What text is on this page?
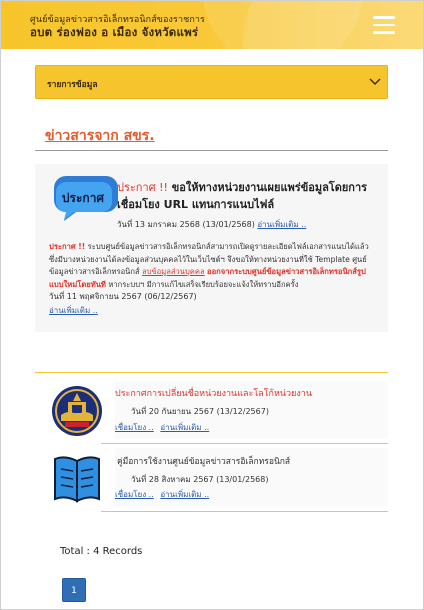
ศูนย์ข้อมูลข่าวสารอิเล็กทรอนิกส์ของราชการ
อบต ร่องฟอง อ เมือง จังหวัดแพร่
รายการข้อมูล
ข่าวสารจาก สขร.
ประกาศ
ประกาศ !! ขอให้ทางหน่วยงานเผยแพร่ข้อมูลโดยการเชื่อมโยง URL แทนการแนบไฟล์
วันที่ 13 มกราคม 2568 (13/01/2568) อ่านเพิ่มเติม ..
ประกาศ !! ระบบศูนย์ข้อมูลข่าวสารอิเล็กทรอนิกส์สามารถเปิดดูรายละเอียดไฟล์เอกสารแนบได้แล้ว ซึ่งมีบางหน่วยงานได้ลงข้อมูลส่วนบุคคลไว้ในเว็บไซต์ฯ จึงขอให้ทางหน่วยงานที่ใช้ Template ศูนย์ข้อมูลข่าวสารอิเล็กทรอนิกส์ ลบข้อมูลส่วนบุคคล ออกจากระบบศูนย์ข้อมูลข่าวสารอิเล็กทรอนิกส์รูปแบบใหม่โดยทันที หากระบบฯ มีการแก้ไขเสร็จเรียบร้อยจะแจ้งให้ทราบอีกครั้ง
วันที่ 11 พฤศจิกายน 2567 (06/12/2567)
อ่านเพิ่มเติม ..
ประกาศการเปลี่ยนชื่อหน่วยงานและโลโก้หน่วยงาน
วันที่ 20 กันยายน 2567 (13/12/2567)
เชื่อมโยง .. อ่านเพิ่มเติม ..
คู่มือการใช้งานศูนย์ข้อมูลข่าวสารอิเล็กทรอนิกส์
วันที่ 28 สิงหาคม 2567 (13/01/2568)
เชื่อมโยง .. อ่านเพิ่มเติม ..
Total : 4 Records
1
